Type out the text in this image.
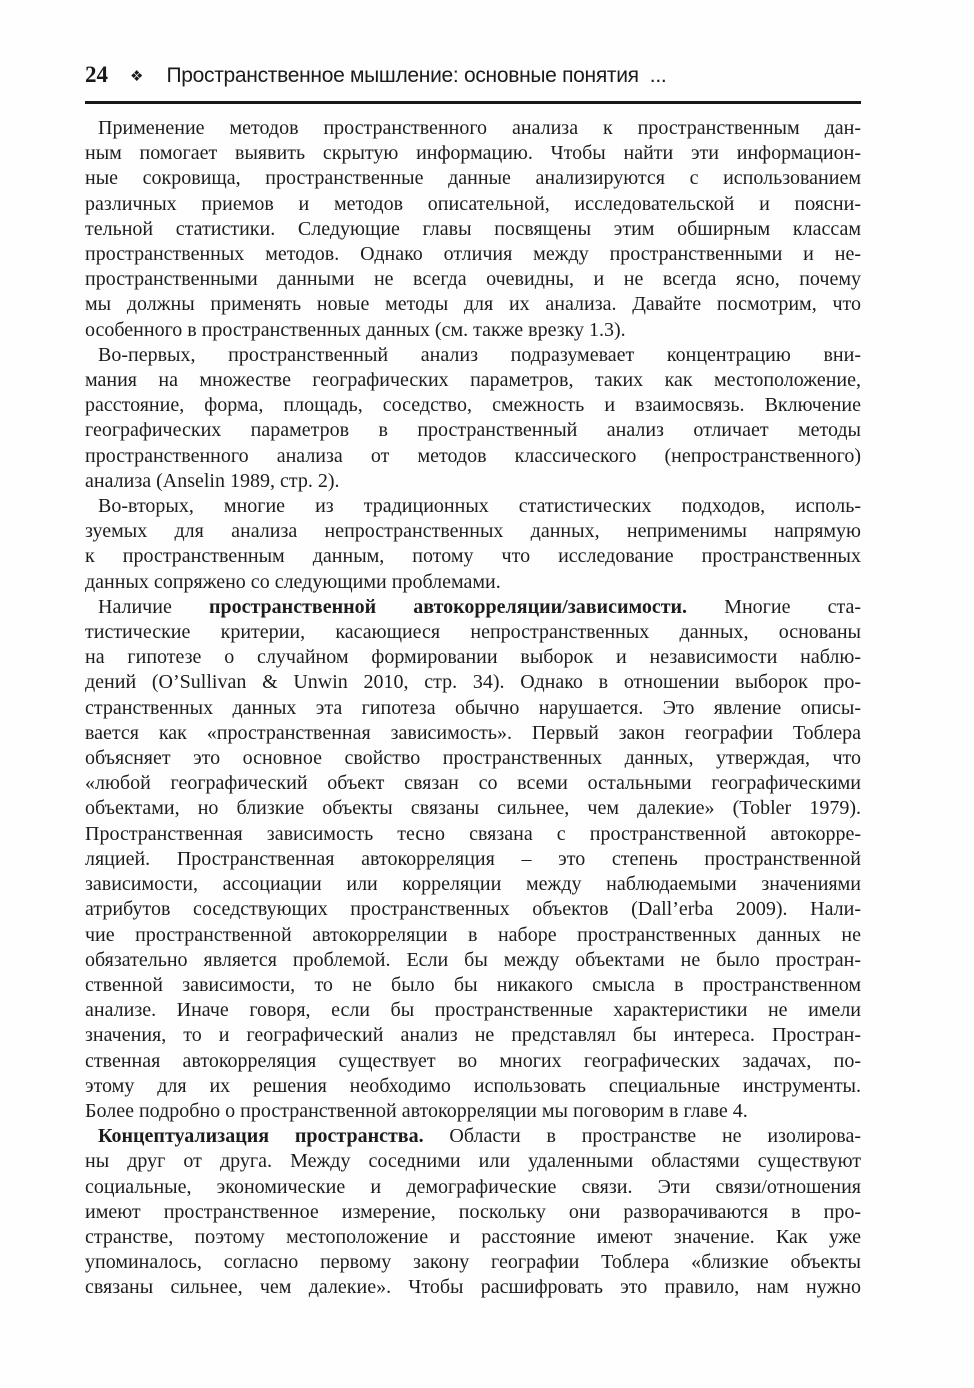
24 ❖ Пространственное мышление: основные понятия  ...
Применение методов пространственного анализа к пространственным дан-
ным помогает выявить скрытую информацию. Чтобы найти эти информацион-
ные сокровища, пространственные данные анализируются с использованием
различных приемов и методов описательной, исследовательской и поясни-
тельной статистики. Следующие главы посвящены этим обширным классам
пространственных методов. Однако отличия между пространственными и не-
пространственными данными не всегда очевидны, и не всегда ясно, почему
мы должны применять новые методы для их анализа. Давайте посмотрим, что
особенного в пространственных данных (см. также врезку 1.3).
Во-первых, пространственный анализ подразумевает концентрацию вни-
мания на множестве географических параметров, таких как местоположение,
расстояние, форма, площадь, соседство, смежность и взаимосвязь. Включение
географических параметров в пространственный анализ отличает методы
пространственного анализа от методов классического (непространственного)
анализа (Anselin 1989, стр. 2).
Во-вторых, многие из традиционных статистических подходов, исполь-
зуемых для анализа непространственных данных, неприменимы напрямую
к пространственным данным, потому что исследование пространственных
данных сопряжено со следующими проблемами.
Наличие пространственной автокорреляции/зависимости. Многие ста-
тистические критерии, касающиеся непространственных данных, основаны
на гипотезе о случайном формировании выборок и независимости наблю-
дений (O’Sullivan & Unwin 2010, стр. 34). Однако в отношении выборок про-
странственных данных эта гипотеза обычно нарушается. Это явление описы-
вается как «пространственная зависимость». Первый закон географии Тоблера
объясняет это основное свойство пространственных данных, утверждая, что
«любой географический объект связан со всеми остальными географическими
объектами, но близкие объекты связаны сильнее, чем далекие» (Tobler 1979).
Пространственная зависимость тесно связана с пространственной автокорре-
ляцией. Пространственная автокорреляция – это степень пространственной
зависимости, ассоциации или корреляции между наблюдаемыми значениями
атрибутов соседствующих пространственных объектов (Dall’erba 2009). Нали-
чие пространственной автокорреляции в наборе пространственных данных не
обязательно является проблемой. Если бы между объектами не было простран-
ственной зависимости, то не было бы никакого смысла в пространственном
анализе. Иначе говоря, если бы пространственные характеристики не имели
значения, то и географический анализ не представлял бы интереса. Простран-
ственная автокорреляция существует во многих географических задачах, по-
этому для их решения необходимо использовать специальные инструменты.
Более подробно о пространственной автокорреляции мы поговорим в главе 4.
Концептуализация пространства. Области в пространстве не изолирова-
ны друг от друга. Между соседними или удаленными областями существуют
социальные, экономические и демографические связи. Эти связи/отношения
имеют пространственное измерение, поскольку они разворачиваются в про-
странстве, поэтому местоположение и расстояние имеют значение. Как уже
упоминалось, согласно первому закону географии Тоблера «близкие объекты
связаны сильнее, чем далекие». Чтобы расшифровать это правило, нам нужно
